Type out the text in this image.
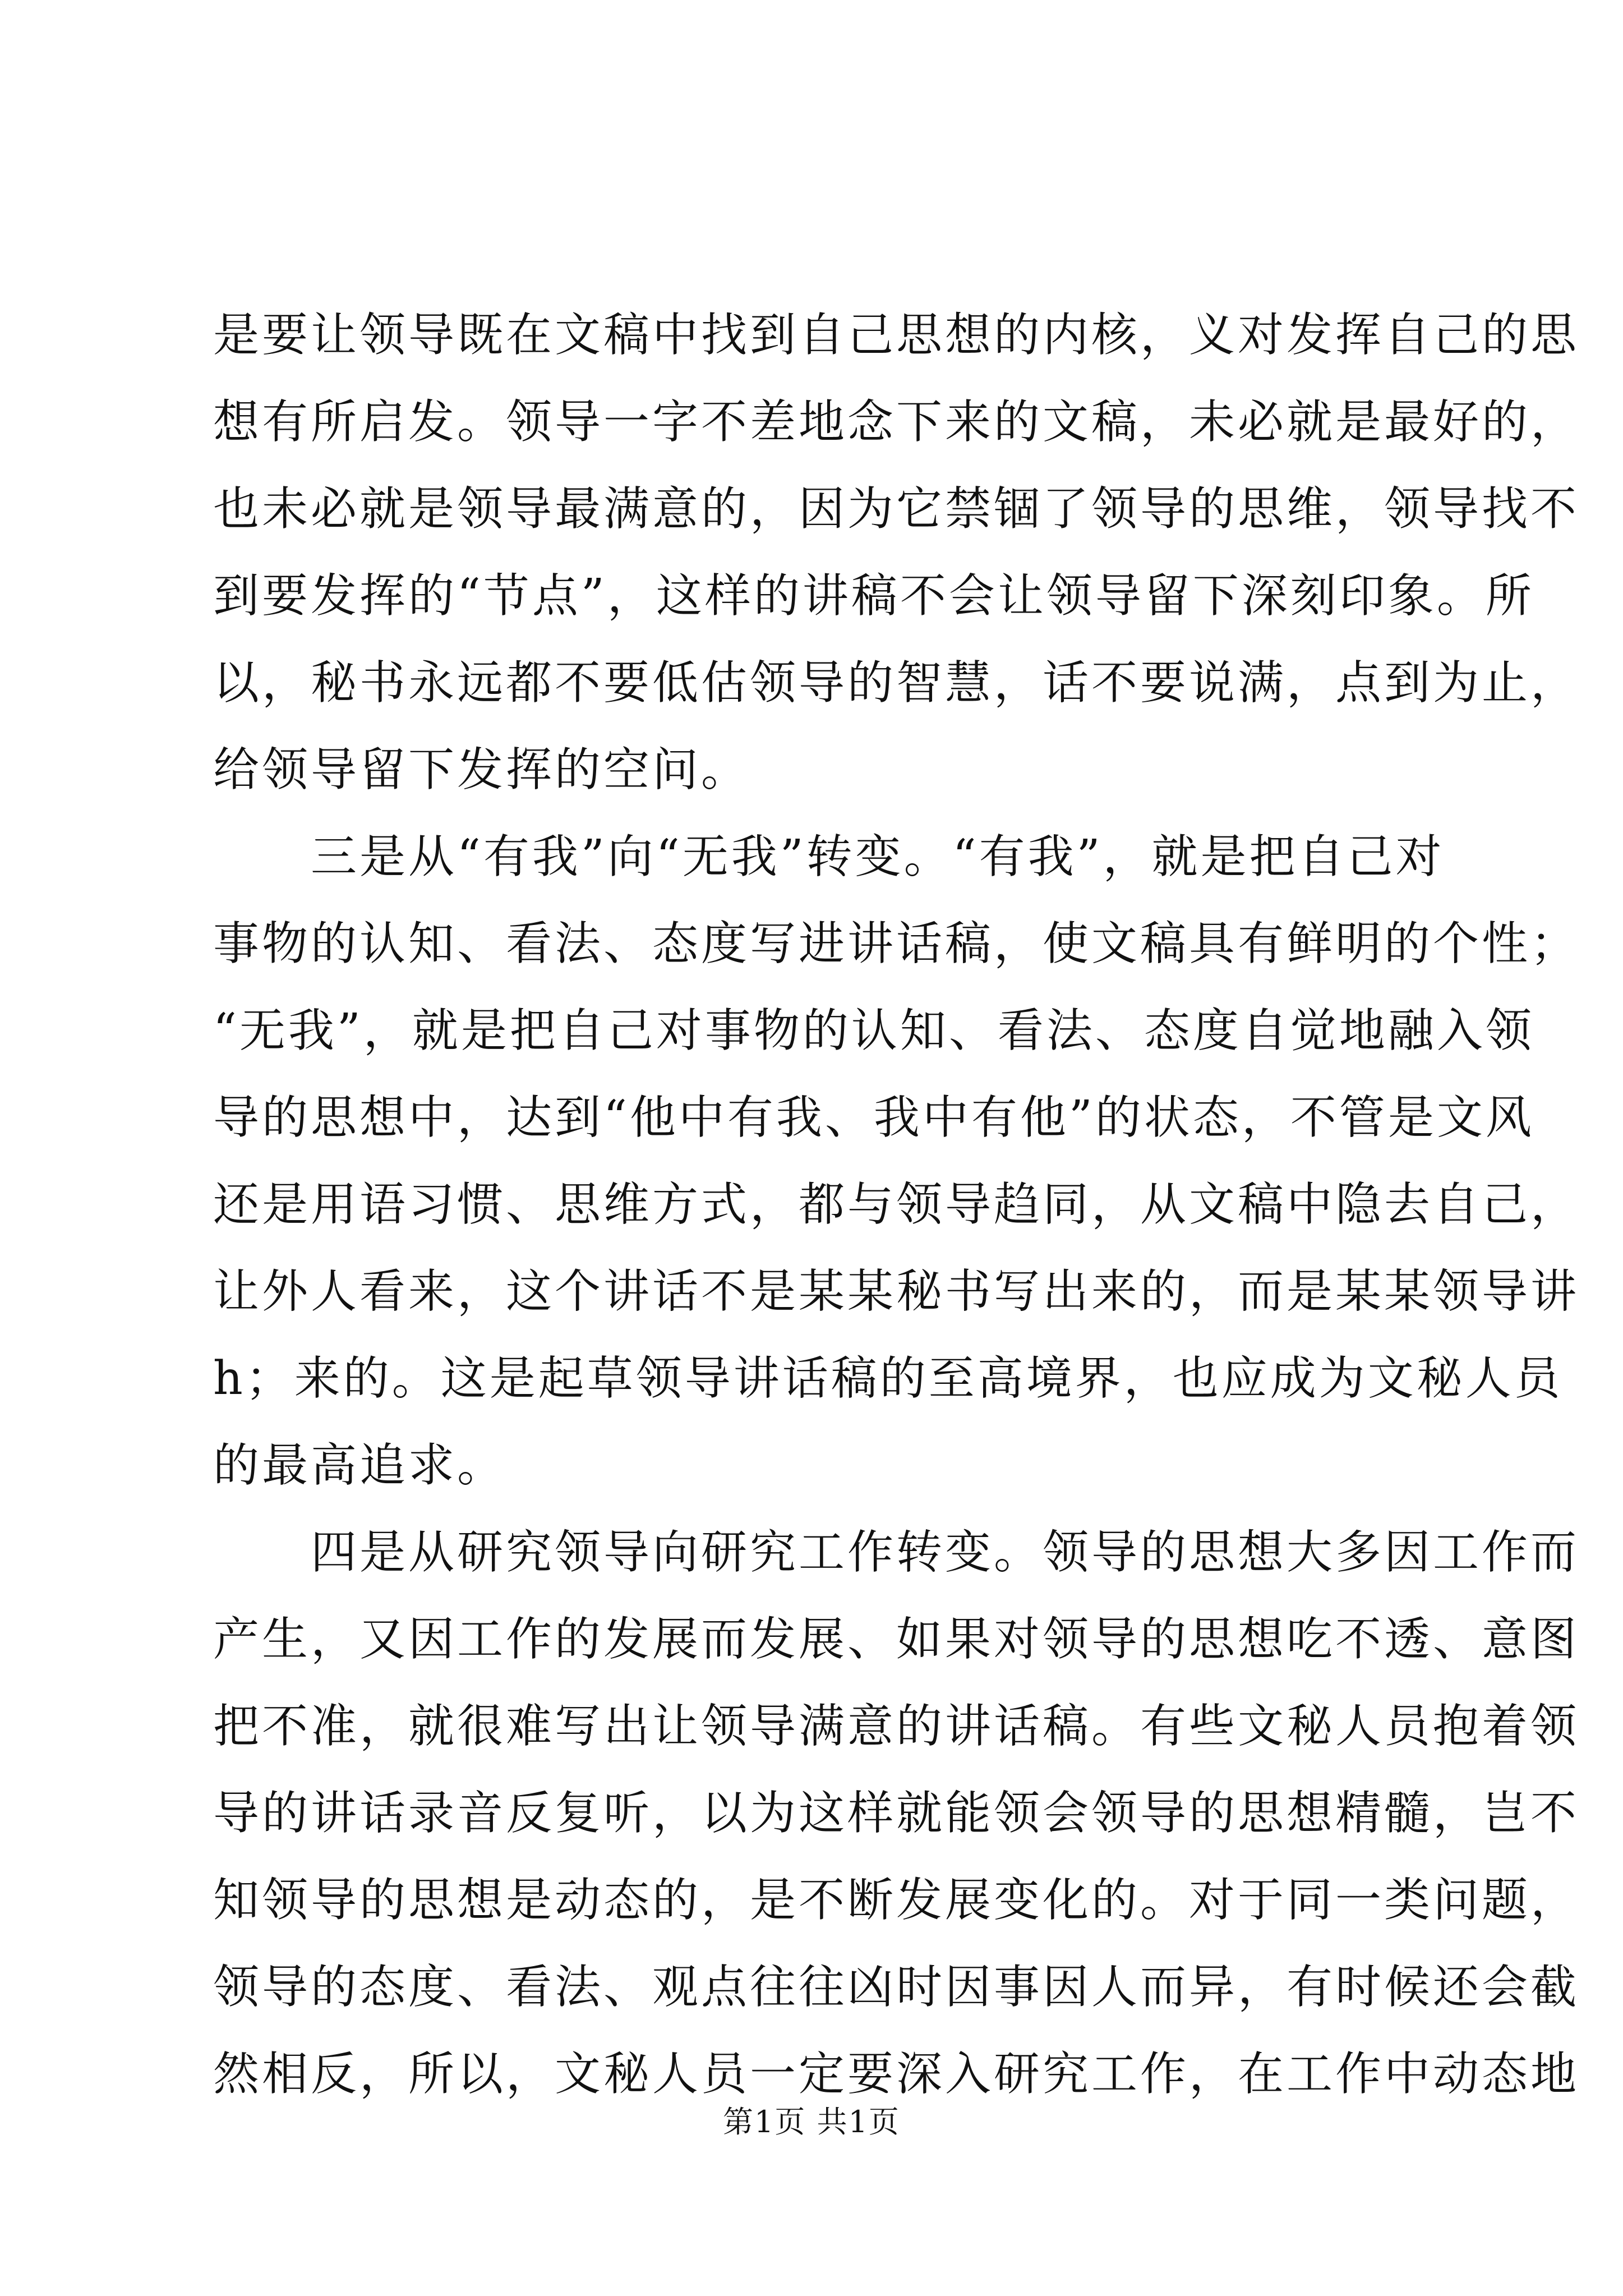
是要让领导既在文稿中找到自己思想的内核，义对发挥自己的思
想有所启发。领导一字不差地念下来的文稿，未必就是最好的，
也未必就是领导最满意的，因为它禁锢了领导的思维，领导找不
到要发挥的“节点”，这样的讲稿不会让领导留下深刻印象。所
以，秘书永远都不要低估领导的智慧，话不要说满，点到为止，
给领导留下发挥的空问。
　　三是从“有我”向“无我”转变。“有我”，就是把自己对
事物的认知、看法、态度写进讲话稿，使文稿具有鲜明的个性；
“无我”，就是把自己对事物的认知、看法、态度自觉地融入领
导的思想中，达到“他中有我、我中有他”的状态，不管是文风
还是用语习惯、思维方式，都与领导趋同，从文稿中隐去自己，
让外人看来，这个讲话不是某某秘书写出来的，而是某某领导讲
h；来的。这是起草领导讲话稿的至高境界，也应成为文秘人员
的最高追求。
　　四是从研究领导向研究工作转变。领导的思想大多因工作而
产生，又因工作的发展而发展、如果对领导的思想吃不透、意图
把不准，就很难写出让领导满意的讲话稿。有些文秘人员抱着领
导的讲话录音反复听，以为这样就能领会领导的思想精髓，岂不
知领导的思想是动态的，是不断发展变化的。对于同一类问题，
领导的态度、看法、观点往往凶时因事因人而异，有时候还会截
然相反，所以，文秘人员一定要深入研究工作，在工作中动态地
第1页 共1页
